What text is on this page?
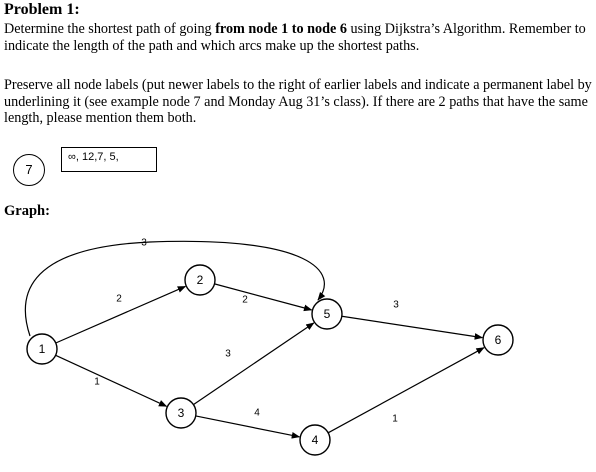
Problem 1:

Determine the shortest path of going from node 1 to node 6 using Dijkstra’s Algorithm. Remember to indicate the length of the path and which arcs make up the shortest paths.

Preserve all node labels (put newer labels to the right of earlier labels and indicate a permanent label by underlining it (see example node 7 and Monday Aug 31’s class). If there are 2 paths that have the same length, please mention them both.

7
∞, 12,7, 5,
Graph:
2
1
3
2
3
4
1
3
1
2
3
4
5
6
